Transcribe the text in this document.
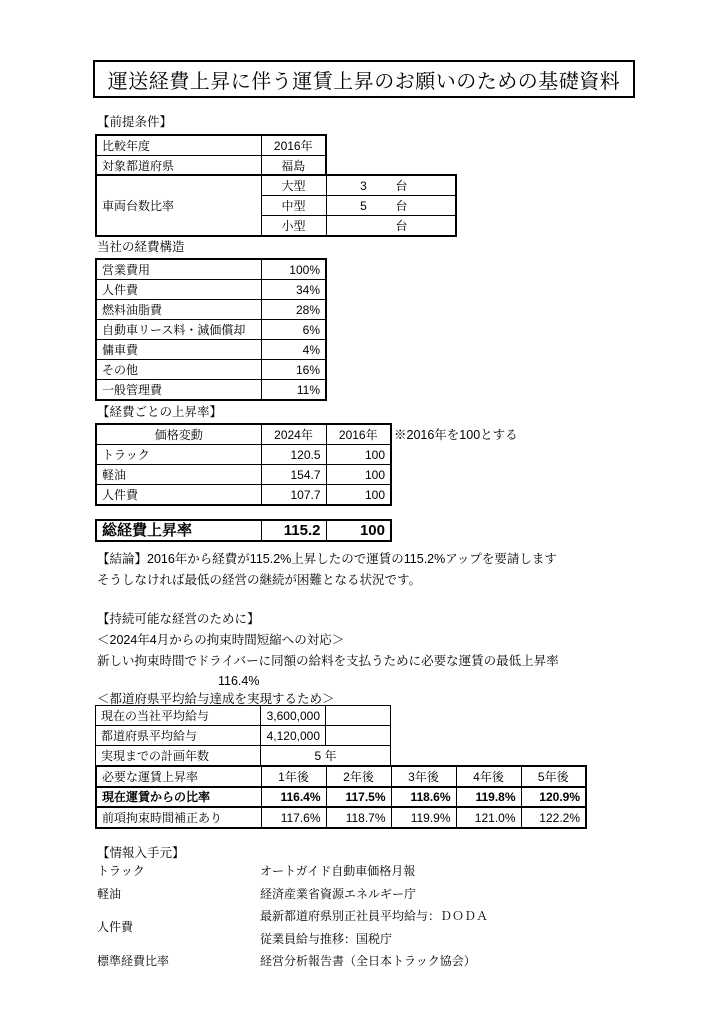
運送経費上昇に伴う運賃上昇のお願いのための基礎資料
【前提条件】
比較年度	2016年
対象都道府県	福島
車両台数比率	大型	3 台
	中型	5 台
	小型	台
当社の経費構造
営業費用	100%
人件費	34%
燃料油脂費	28%
自動車リース料・減価償却	6%
傭車費	4%
その他	16%
一般管理費	11%
【経費ごとの上昇率】
価格変動	2024年	2016年
トラック	120.5	100
軽油	154.7	100
人件費	107.7	100
※2016年を100とする
総経費上昇率	115.2	100
【結論】2016年から経費が115.2%上昇したので運賃の115.2%アップを要請します
そうしなければ最低の経営の継続が困難となる状況です。
【持続可能な経営のために】
＜2024年4月からの拘束時間短縮への対応＞
新しい拘束時間でドライバーに同額の給料を支払うために必要な運賃の最低上昇率
116.4%
＜都道府県平均給与達成を実現するため＞
現在の当社平均給与	3,600,000	
都道府県平均給与	4,120,000	
実現までの計画年数	5 年	
必要な運賃上昇率	1年後	2年後	3年後	4年後	5年後
現在運賃からの比率	116.4%	117.5%	118.6%	119.8%	120.9%
前項拘束時間補正あり	117.6%	118.7%	119.9%	121.0%	122.2%
【情報入手元】
トラック	オートガイド自動車価格月報
軽油	経済産業省資源エネルギー庁
人件費
最新都道府県別正社員平均給与：ＤＯＤＡ
従業員給与推移：国税庁
標準経費比率	経営分析報告書（全日本トラック協会）
